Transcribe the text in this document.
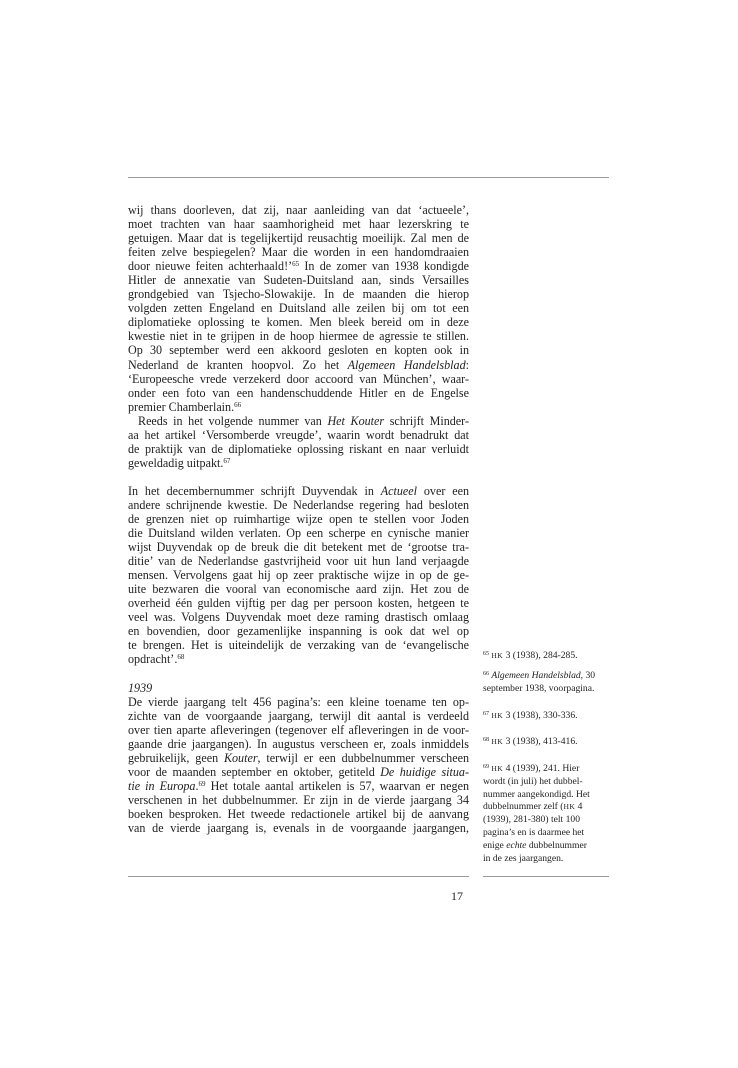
wij thans doorleven, dat zij, naar aanleiding van dat ‘actueele’,
moet trachten van haar saamhorigheid met haar lezerskring te
getuigen. Maar dat is tegelijkertijd reusachtig moeilijk. Zal men de
feiten zelve bespiegelen? Maar die worden in een handomdraaien
door nieuwe feiten achterhaald!’$^{65}$ In de zomer van 1938 kondigde
Hitler de annexatie van Sudeten-Duitsland aan, sinds Versailles
grondgebied van Tsjecho-Slowakije. In de maanden die hierop
volgden zetten Engeland en Duitsland alle zeilen bij om tot een
diplomatieke oplossing te komen. Men bleek bereid om in deze
kwestie niet in te grijpen in de hoop hiermee de agressie te stillen.
Op 30 september werd een akkoord gesloten en kopten ook in
Nederland de kranten hoopvol. Zo het Algemeen Handelsblad:
‘Europeesche vrede verzekerd door accoord van München’, waar-
onder een foto van een handenschuddende Hitler en de Engelse
premier Chamberlain.$^{66}$
Reeds in het volgende nummer van Het Kouter schrijft Minder-
aa het artikel ‘Versomberde vreugde’, waarin wordt benadrukt dat
de praktijk van de diplomatieke oplossing riskant en naar verluidt
geweldadig uitpakt.$^{67}$
In het decembernummer schrijft Duyvendak in Actueel over een
andere schrijnende kwestie. De Nederlandse regering had besloten
de grenzen niet op ruimhartige wijze open te stellen voor Joden
die Duitsland wilden verlaten. Op een scherpe en cynische manier
wijst Duyvendak op de breuk die dit betekent met de ‘grootse tra-
ditie’ van de Nederlandse gastvrijheid voor uit hun land verjaagde
mensen. Vervolgens gaat hij op zeer praktische wijze in op de ge-
uite bezwaren die vooral van economische aard zijn. Het zou de
overheid één gulden vijftig per dag per persoon kosten, hetgeen te
veel was. Volgens Duyvendak moet deze raming drastisch omlaag
en bovendien, door gezamenlijke inspanning is ook dat wel op
te brengen. Het is uiteindelijk de verzaking van de ‘evangelische
opdracht’.$^{68}$
1939
De vierde jaargang telt 456 pagina’s: een kleine toename ten op-
zichte van de voorgaande jaargang, terwijl dit aantal is verdeeld
over tien aparte afleveringen (tegenover elf afleveringen in de voor-
gaande drie jaargangen). In augustus verscheen er, zoals inmiddels
gebruikelijk, geen Kouter, terwijl er een dubbelnummer verscheen
voor de maanden september en oktober, getiteld De huidige situa-
tie in Europa.$^{69}$ Het totale aantal artikelen is 57, waarvan er negen
verschenen in het dubbelnummer. Er zijn in de vierde jaargang 34
boeken besproken. Het tweede redactionele artikel bij de aanvang
van de vierde jaargang is, evenals in de voorgaande jaargangen,
$^{65}$ HK 3 (1938), 284-285.
$^{66}$ Algemeen Handelsblad, 30
september 1938, voorpagina.
$^{67}$ HK 3 (1938), 330-336.
$^{68}$ HK 3 (1938), 413-416.
$^{69}$ HK 4 (1939), 241. Hier
wordt (in juli) het dubbel-
nummer aangekondigd. Het
dubbelnummer zelf (HK 4
(1939), 281-380) telt 100
pagina’s en is daarmee het
enige echte dubbelnummer
in de zes jaargangen.
17
